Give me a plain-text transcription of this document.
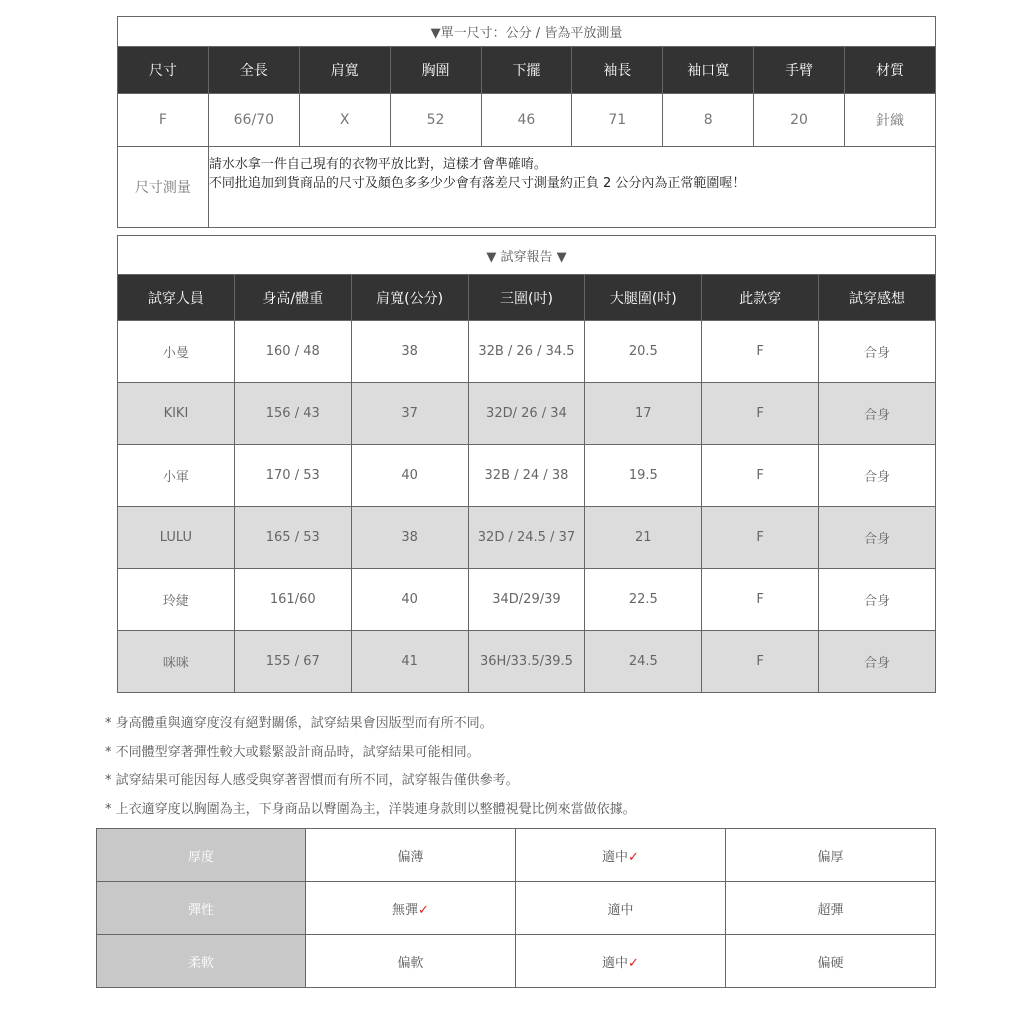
▼單一尺寸：公分 / 皆為平放測量								
尺寸	全長	肩寬	胸圍	下擺	袖長	袖口寬	手臂	材質
F	66/70	X	52	46	71	8	20	針織
尺寸測量	請水水拿一件自己現有的衣物平放比對，這樣才會準確唷。
不同批追加到貨商品的尺寸及顏色多多少少會有落差尺寸測量約正負 2 公分內為正常範圍喔！							
▼ 試穿報告 ▼						
試穿人員	身高/體重	肩寬(公分)	三圍(吋)	大腿圍(吋)	此款穿	試穿感想
小曼	160 / 48	38	32B / 26 / 34.5	20.5	F	合身
KIKI	156 / 43	37	32D/ 26 / 34	17	F	合身
小軍	170 / 53	40	32B / 24 / 38	19.5	F	合身
LULU	165 / 53	38	32D / 24.5 / 37	21	F	合身
玲緁	161/60	40	34D/29/39	22.5	F	合身
咪咪	155 / 67	41	36H/33.5/39.5	24.5	F	合身
* 身高體重與適穿度沒有絕對關係，試穿結果會因版型而有所不同。
* 不同體型穿著彈性較大或鬆緊設計商品時，試穿結果可能相同。
* 試穿結果可能因每人感受與穿著習慣而有所不同，試穿報告僅供參考。
* 上衣適穿度以胸圍為主，下身商品以臀圍為主，洋裝連身款則以整體視覺比例來當做依據。
厚度	偏薄	適中✓	偏厚
彈性	無彈✓	適中	超彈
柔軟	偏軟	適中✓	偏硬
